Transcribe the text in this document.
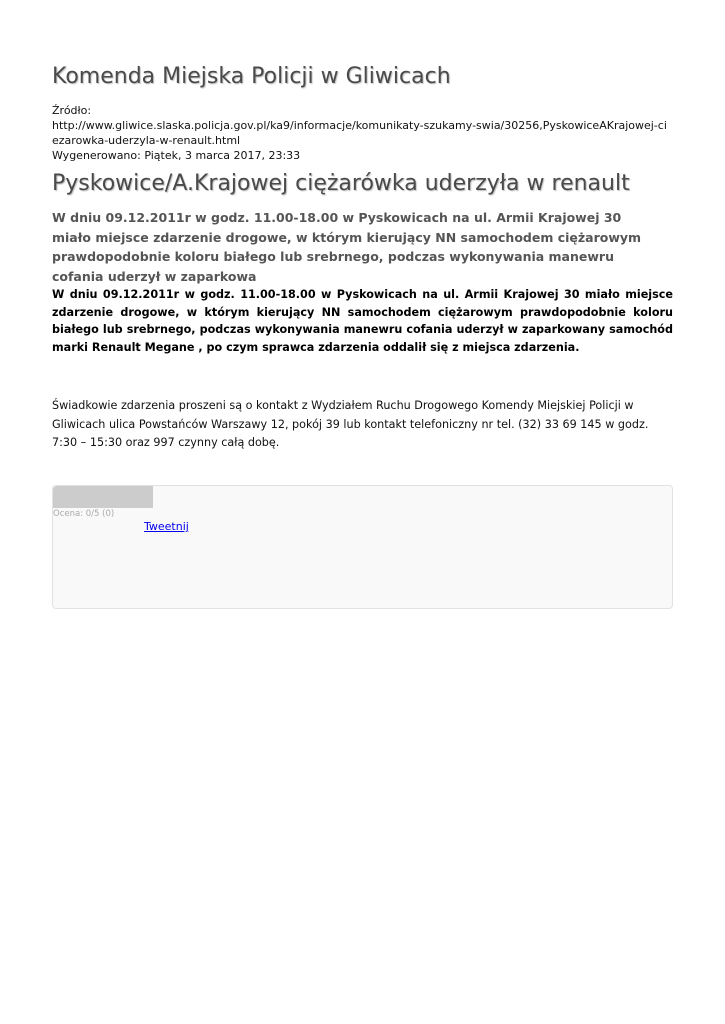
Komenda Miejska Policji w Gliwicach
Źródło:
http://www.gliwice.slaska.policja.gov.pl/ka9/informacje/komunikaty-szukamy-swia/30256,PyskowiceAKrajowej-ciezarowka-uderzyla-w-renault.html
Wygenerowano: Piątek, 3 marca 2017, 23:33
Pyskowice/A.Krajowej ciężarówka uderzyła w renault
W dniu 09.12.2011r w godz. 11.00-18.00 w Pyskowicach na ul. Armii Krajowej 30 miało miejsce zdarzenie drogowe, w którym kierujący NN samochodem ciężarowym prawdopodobnie koloru białego lub srebrnego, podczas wykonywania manewru cofania uderzył w zaparkowa
W dniu 09.12.2011r w godz. 11.00-18.00 w Pyskowicach na ul. Armii Krajowej 30 miało miejsce zdarzenie drogowe, w którym kierujący NN samochodem ciężarowym prawdopodobnie koloru białego lub srebrnego, podczas wykonywania manewru cofania uderzył w zaparkowany samochód marki Renault Megane , po czym sprawca zdarzenia oddalił się z miejsca zdarzenia.
Świadkowie zdarzenia proszeni są o kontakt z Wydziałem Ruchu Drogowego Komendy Miejskiej Policji w Gliwicach ulica Powstańców Warszawy 12, pokój 39 lub kontakt telefoniczny nr tel. (32) 33 69 145 w godz. 7:30 – 15:30 oraz 997 czynny całą dobę.
Ocena: 0/5 (0)
Tweetnij
